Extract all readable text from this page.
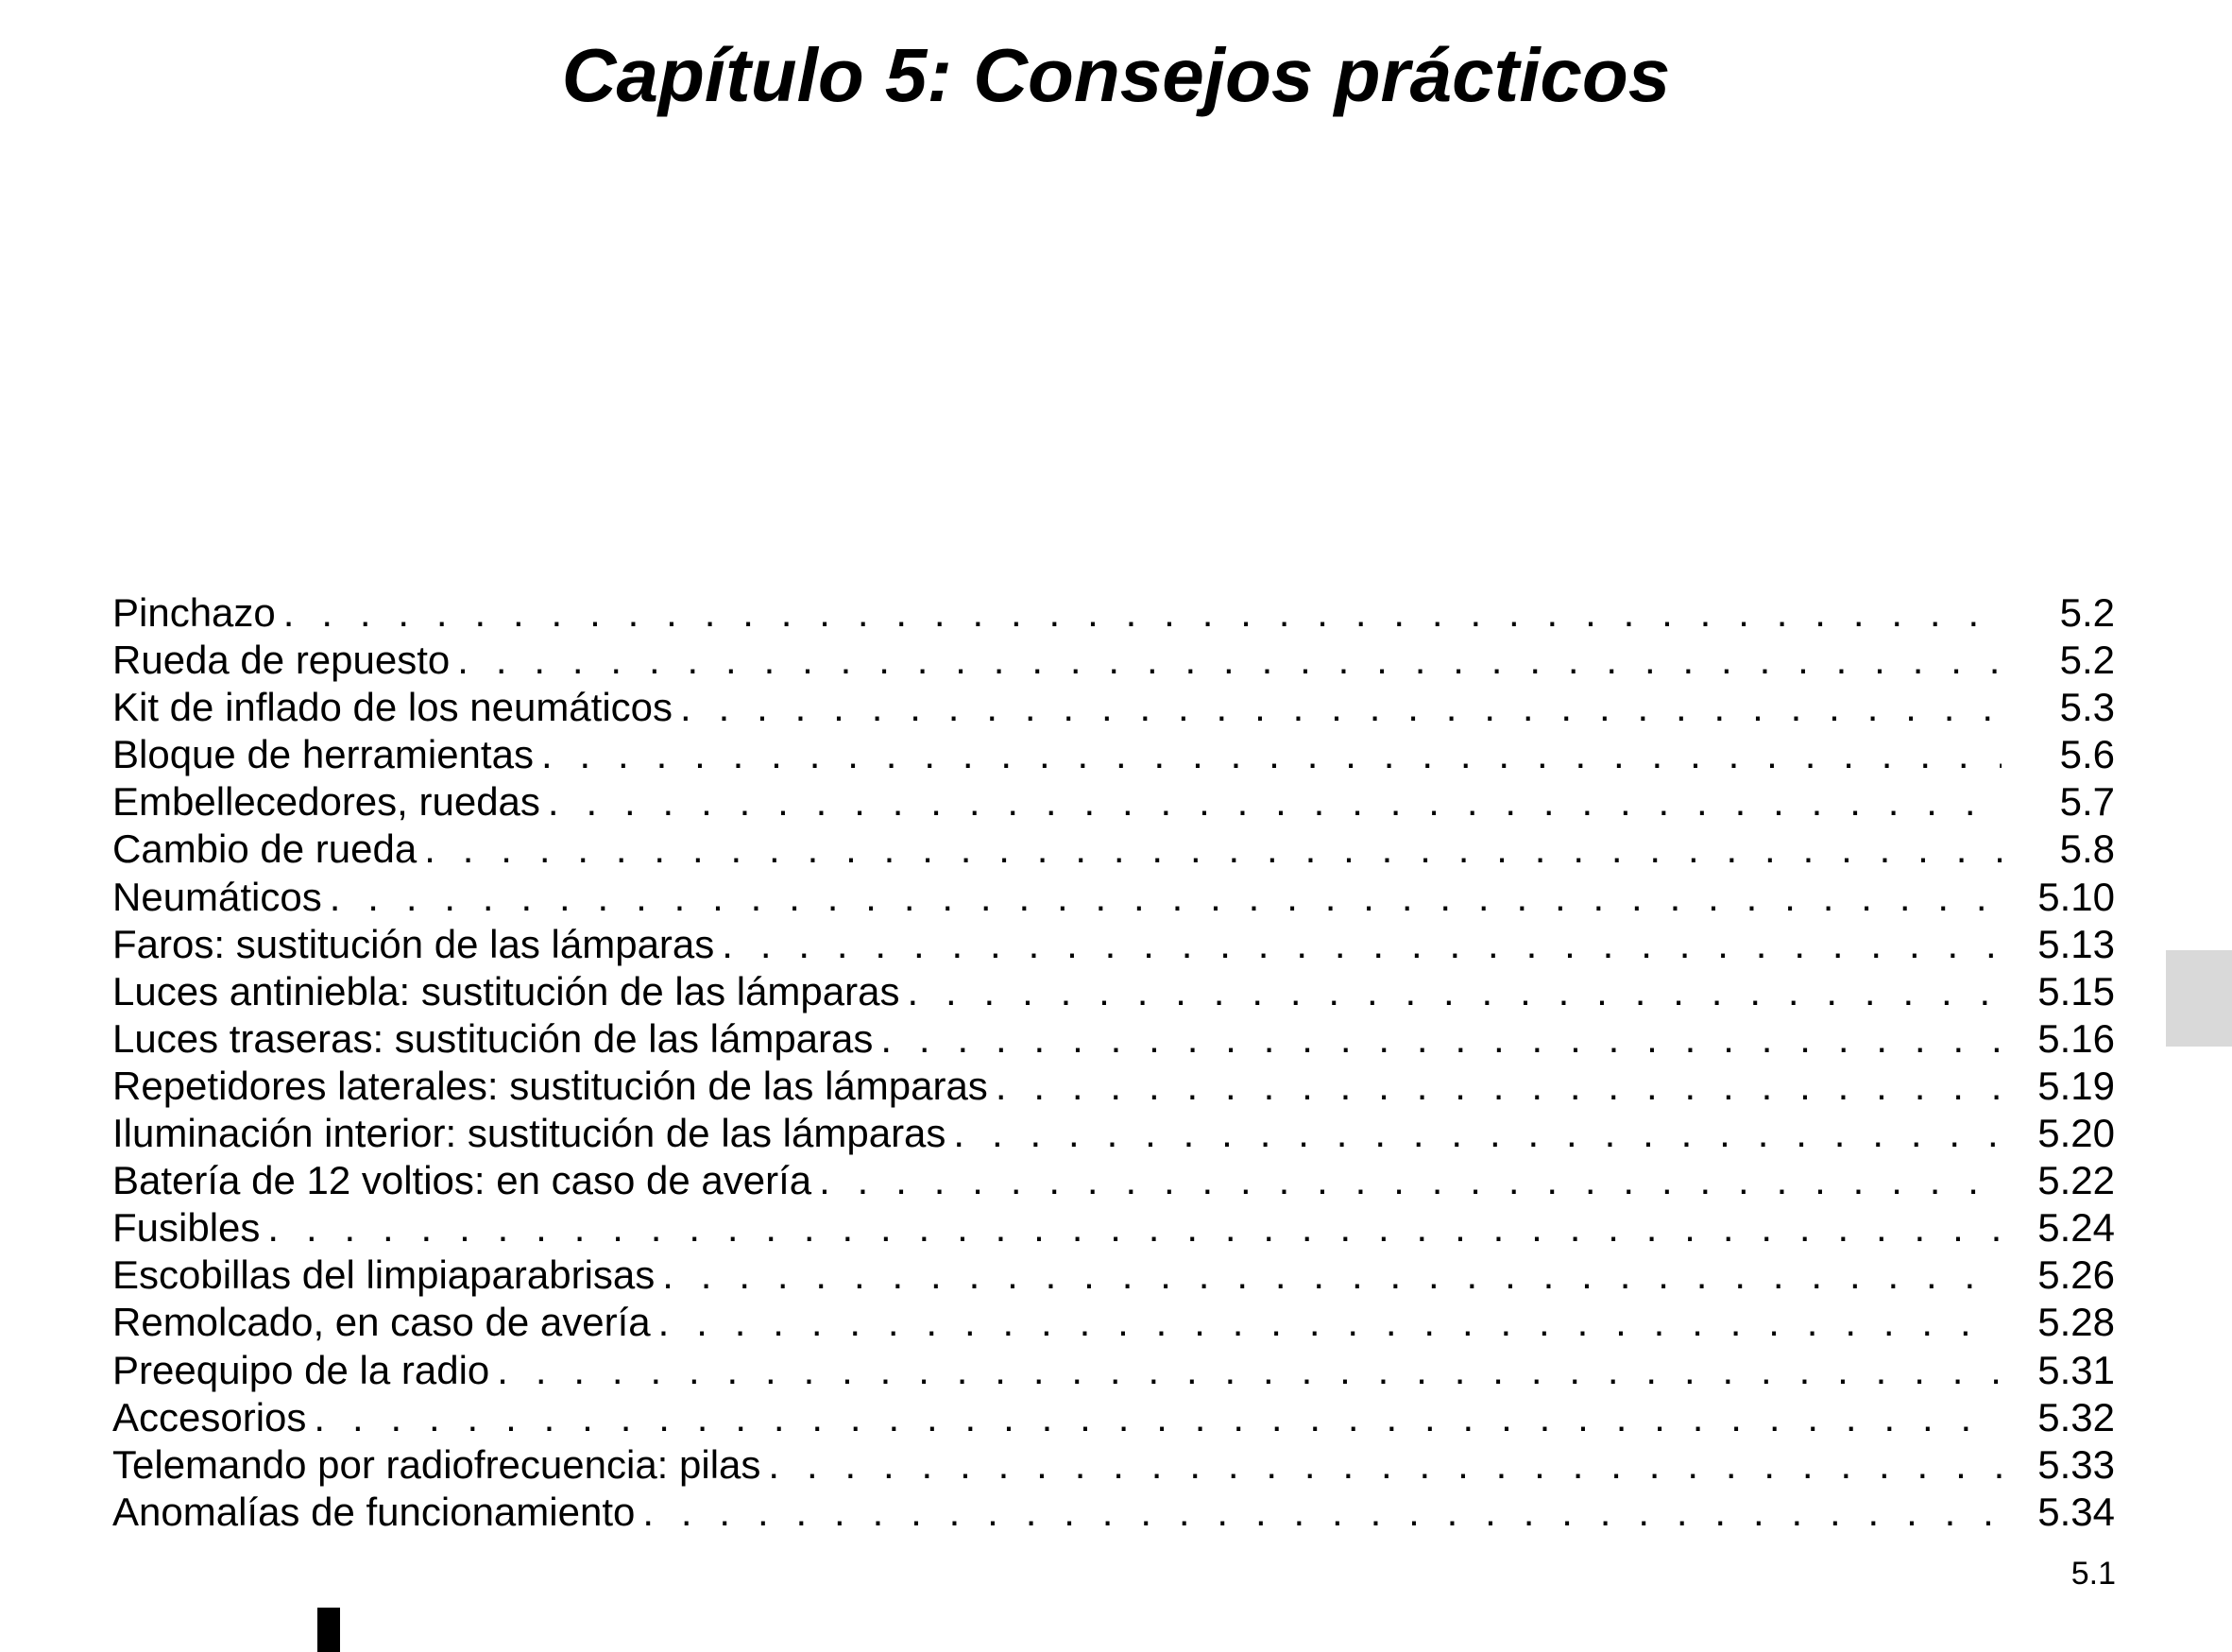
Capítulo 5: Consejos prácticos
Pinchazo . . .	5.2
Rueda de repuesto . . .	5.2
Kit de inflado de los neumáticos . . .	5.3
Bloque de herramientas . . .	5.6
Embellecedores, ruedas . . .	5.7
Cambio de rueda . . .	5.8
Neumáticos . . .	5.10
Faros: sustitución de las lámparas . . .	5.13
Luces antiniebla: sustitución de las lámparas . . .	5.15
Luces traseras: sustitución de las lámparas . . .	5.16
Repetidores laterales: sustitución de las lámparas . . .	5.19
Iluminación interior: sustitución de las lámparas . . .	5.20
Batería de 12 voltios: en caso de avería . . .	5.22
Fusibles . . .	5.24
Escobillas del limpiaparabrisas . . .	5.26
Remolcado, en caso de avería . . .	5.28
Preequipo de la radio . . .	5.31
Accesorios . . .	5.32
Telemando por radiofrecuencia: pilas . . .	5.33
Anomalías de funcionamiento . . .	5.34
5.1
